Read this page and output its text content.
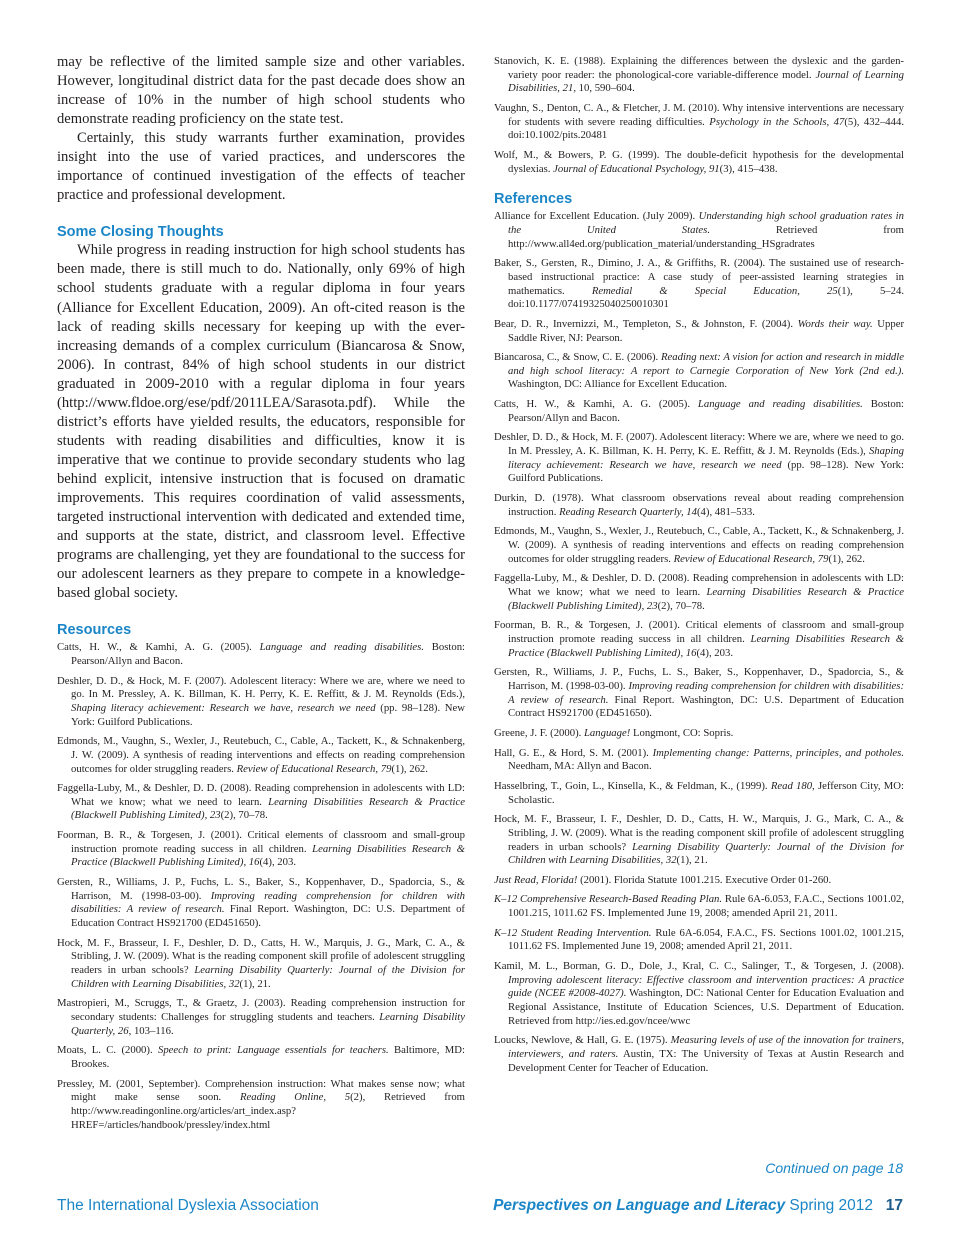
may be reflective of the limited sample size and other variables. However, longitudinal district data for the past decade does show an increase of 10% in the number of high school students who demonstrate reading proficiency on the state test.

Certainly, this study warrants further examination, provides insight into the use of varied practices, and underscores the importance of continued investigation of the effects of teacher practice and professional development.

Some Closing Thoughts

While progress in reading instruction for high school students has been made, there is still much to do. Nationally, only 69% of high school students graduate with a regular diploma in four years (Alliance for Excellent Education, 2009). An oft-cited reason is the lack of reading skills necessary for keeping up with the ever-increasing demands of a complex curriculum (Biancarosa & Snow, 2006). In contrast, 84% of high school students in our district graduated in 2009-2010 with a regular diploma in four years (http://www.fldoe.org/ese/pdf/2011LEA/Sarasota.pdf). While the district’s efforts have yielded results, the educators, responsible for students with reading disabilities and difficulties, know it is imperative that we continue to provide secondary students who lag behind explicit, intensive instruction that is focused on dramatic improvements. This requires coordination of valid assessments, targeted instructional intervention with dedicated and extended time, and supports at the state, district, and classroom level. Effective programs are challenging, yet they are foundational to the success for our adolescent learners as they prepare to compete in a knowledge-based global society.

Resources
Catts, H. W., & Kamhi, A. G. (2005). Language and reading disabilities. Boston: Pearson/Allyn and Bacon.
Deshler, D. D., & Hock, M. F. (2007). Adolescent literacy: Where we are, where we need to go. In M. Pressley, A. K. Billman, K. H. Perry, K. E. Reffitt, & J. M. Reynolds (Eds.), Shaping literacy achievement: Research we have, research we need (pp. 98–128). New York: Guilford Publications.
Edmonds, M., Vaughn, S., Wexler, J., Reutebuch, C., Cable, A., Tackett, K., & Schnakenberg, J. W. (2009). A synthesis of reading interventions and effects on reading comprehension outcomes for older struggling readers. Review of Educational Research, 79(1), 262.
Faggella-Luby, M., & Deshler, D. D. (2008). Reading comprehension in adolescents with LD: What we know; what we need to learn. Learning Disabilities Research & Practice (Blackwell Publishing Limited), 23(2), 70–78.
Foorman, B. R., & Torgesen, J. (2001). Critical elements of classroom and small-group instruction promote reading success in all children. Learning Disabilities Research & Practice (Blackwell Publishing Limited), 16(4), 203.
Gersten, R., Williams, J. P., Fuchs, L. S., Baker, S., Koppenhaver, D., Spadorcia, S., & Harrison, M. (1998-03-00). Improving reading comprehension for children with disabilities: A review of research. Final Report. Washington, DC: U.S. Department of Education Contract HS921700 (ED451650).
Hock, M. F., Brasseur, I. F., Deshler, D. D., Catts, H. W., Marquis, J. G., Mark, C. A., & Stribling, J. W. (2009). What is the reading component skill profile of adolescent struggling readers in urban schools? Learning Disability Quarterly: Journal of the Division for Children with Learning Disabilities, 32(1), 21.
Mastropieri, M., Scruggs, T., & Graetz, J. (2003). Reading comprehension instruction for secondary students: Challenges for struggling students and teachers. Learning Disability Quarterly, 26, 103–116.
Moats, L. C. (2000). Speech to print: Language essentials for teachers. Baltimore, MD: Brookes.
Pressley, M. (2001, September). Comprehension instruction: What makes sense now; what might make sense soon. Reading Online, 5(2), Retrieved from http://www.readingonline.org/articles/art_index.asp?HREF=/articles/handbook/pressley/index.html
Stanovich, K. E. (1988). Explaining the differences between the dyslexic and the garden-variety poor reader: the phonological-core variable-difference model. Journal of Learning Disabilities, 21, 10, 590–604.
Vaughn, S., Denton, C. A., & Fletcher, J. M. (2010). Why intensive interventions are necessary for students with severe reading difficulties. Psychology in the Schools, 47(5), 432–444. doi:10.1002/pits.20481
Wolf, M., & Bowers, P. G. (1999). The double-deficit hypothesis for the developmental dyslexias. Journal of Educational Psychology, 91(3), 415–438.
References
Alliance for Excellent Education. (July 2009). Understanding high school graduation rates in the United States. Retrieved from http://www.all4ed.org/publication_material/understanding_HSgradrates
Baker, S., Gersten, R., Dimino, J. A., & Griffiths, R. (2004). The sustained use of research-based instructional practice: A case study of peer-assisted learning strategies in mathematics. Remedial & Special Education, 25(1), 5–24. doi:10.1177/07419325040250010301
Bear, D. R., Invernizzi, M., Templeton, S., & Johnston, F. (2004). Words their way. Upper Saddle River, NJ: Pearson.
Biancarosa, C., & Snow, C. E. (2006). Reading next: A vision for action and research in middle and high school literacy: A report to Carnegie Corporation of New York (2nd ed.). Washington, DC: Alliance for Excellent Education.
Catts, H. W., & Kamhi, A. G. (2005). Language and reading disabilities. Boston: Pearson/Allyn and Bacon.
Deshler, D. D., & Hock, M. F. (2007). Adolescent literacy: Where we are, where we need to go. In M. Pressley, A. K. Billman, K. H. Perry, K. E. Reffitt, & J. M. Reynolds (Eds.), Shaping literacy achievement: Research we have, research we need (pp. 98–128). New York: Guilford Publications.
Durkin, D. (1978). What classroom observations reveal about reading comprehension instruction. Reading Research Quarterly, 14(4), 481–533.
Edmonds, M., Vaughn, S., Wexler, J., Reutebuch, C., Cable, A., Tackett, K., & Schnakenberg, J. W. (2009). A synthesis of reading interventions and effects on reading comprehension outcomes for older struggling readers. Review of Educational Research, 79(1), 262.
Faggella-Luby, M., & Deshler, D. D. (2008). Reading comprehension in adolescents with LD: What we know; what we need to learn. Learning Disabilities Research & Practice (Blackwell Publishing Limited), 23(2), 70–78.
Foorman, B. R., & Torgesen, J. (2001). Critical elements of classroom and small-group instruction promote reading success in all children. Learning Disabilities Research & Practice (Blackwell Publishing Limited), 16(4), 203.
Gersten, R., Williams, J. P., Fuchs, L. S., Baker, S., Koppenhaver, D., Spadorcia, S., & Harrison, M. (1998-03-00). Improving reading comprehension for children with disabilities: A review of research. Final Report. Washington, DC: U.S. Department of Education Contract HS921700 (ED451650).
Greene, J. F. (2000). Language! Longmont, CO: Sopris.
Hall, G. E., & Hord, S. M. (2001). Implementing change: Patterns, principles, and potholes. Needham, MA: Allyn and Bacon.
Hasselbring, T., Goin, L., Kinsella, K., & Feldman, K., (1999). Read 180, Jefferson City, MO: Scholastic.
Hock, M. F., Brasseur, I. F., Deshler, D. D., Catts, H. W., Marquis, J. G., Mark, C. A., & Stribling, J. W. (2009). What is the reading component skill profile of adolescent struggling readers in urban schools? Learning Disability Quarterly: Journal of the Division for Children with Learning Disabilities, 32(1), 21.
Just Read, Florida! (2001). Florida Statute 1001.215. Executive Order 01-260.
K–12 Comprehensive Research-Based Reading Plan. Rule 6A-6.053, F.A.C., Sections 1001.02, 1001.215, 1011.62 FS. Implemented June 19, 2008; amended April 21, 2011.
K–12 Student Reading Intervention. Rule 6A-6.054, F.A.C., FS. Sections 1001.02, 1001.215, 1011.62 FS. Implemented June 19, 2008; amended April 21, 2011.
Kamil, M. L., Borman, G. D., Dole, J., Kral, C. C., Salinger, T., & Torgesen, J. (2008). Improving adolescent literacy: Effective classroom and intervention practices: A practice guide (NCEE #2008-4027). Washington, DC: National Center for Education Evaluation and Regional Assistance, Institute of Education Sciences, U.S. Department of Education. Retrieved from http://ies.ed.gov/ncee/wwc
Loucks, Newlove, & Hall, G. E. (1975). Measuring levels of use of the innovation for trainers, interviewers, and raters. Austin, TX: The University of Texas at Austin Research and Development Center for Teacher of Education.
Continued on page 18
The International Dyslexia Association	Perspectives on Language and Literacy Spring 2012 17
